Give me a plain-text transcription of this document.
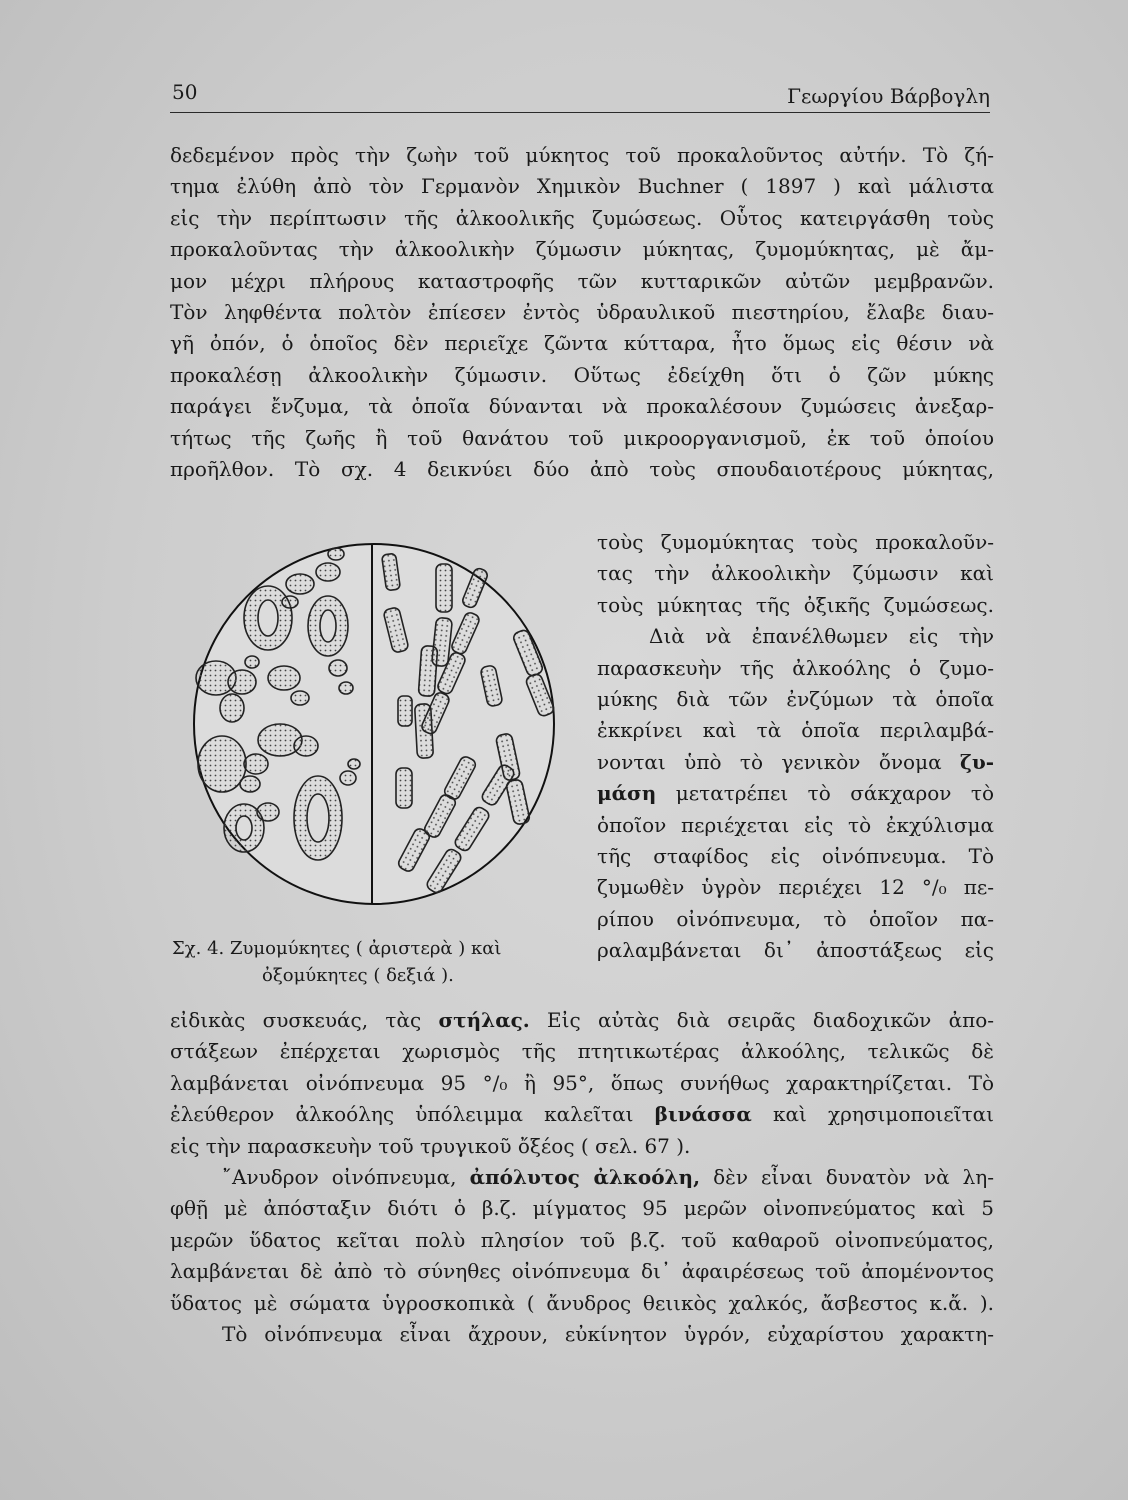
50	Γεωργίου Βάρβογλη
δεδεμένον πρὸς τὴν ζωὴν τοῦ μύκητος τοῦ προκαλοῦντος αὐτήν. Τὸ ζή-
τημα ἐλύθη ἀπὸ τὸν Γερμανὸν Χημικὸν Buchner ( 1897 ) καὶ μάλιστα
εἰς τὴν περίπτωσιν τῆς ἀλκοολικῆς ζυμώσεως. Οὗτος κατειργάσθη τοὺς
προκαλοῦντας τὴν ἀλκοολικὴν ζύμωσιν μύκητας, ζυμομύκητας, μὲ ἄμ-
μον μέχρι πλήρους καταστροφῆς τῶν κυτταρικῶν αὐτῶν μεμβρανῶν.
Τὸν ληφθέντα πολτὸν ἐπίεσεν ἐντὸς ὑδραυλικοῦ πιεστηρίου, ἔλαβε διαυ-
γῆ ὀπόν, ὁ ὁποῖος δὲν περιεῖχε ζῶντα κύτταρα, ἦτο ὅμως εἰς θέσιν νὰ
προκαλέσῃ ἀλκοολικὴν ζύμωσιν. Οὕτως ἐδείχθη ὅτι ὁ ζῶν μύκης
παράγει ἔνζυμα, τὰ ὁποῖα δύνανται νὰ προκαλέσουν ζυμώσεις ἀνεξαρ-
τήτως τῆς ζωῆς ἢ τοῦ θανάτου τοῦ μικροοργανισμοῦ, ἐκ τοῦ ὁποίου
προῆλθον. Τὸ σχ. 4 δεικνύει δύο ἀπὸ τοὺς σπουδαιοτέρους μύκητας,
τοὺς ζυμομύκητας τοὺς προκαλοῦν-
τας τὴν ἀλκοολικὴν ζύμωσιν καὶ
τοὺς μύκητας τῆς ὀξικῆς ζυμώσεως.
Διὰ νὰ ἐπανέλθωμεν εἰς τὴν
παρασκευὴν τῆς ἀλκοόλης ὁ ζυμο-
μύκης διὰ τῶν ἐνζύμων τὰ ὁποῖα
ἐκκρίνει καὶ τὰ ὁποῖα περιλαμβά-
νονται ὑπὸ τὸ γενικὸν ὄνομα ζυ-
μάση μετατρέπει τὸ σάκχαρον τὸ
ὁποῖον περιέχεται εἰς τὸ ἐκχύλισμα
τῆς σταφίδος εἰς οἰνόπνευμα. Τὸ
ζυμωθὲν ὑγρὸν περιέχει 12 °/₀ πε-
ρίπου οἰνόπνευμα, τὸ ὁποῖον πα-
ραλαμβάνεται δι᾽ ἀποστάξεως εἰς
Σχ. 4. Ζυμομύκητες ( ἀριστερὰ ) καὶ
ὀξομύκητες ( δεξιά ).
εἰδικὰς συσκευάς, τὰς στήλας. Εἰς αὐτὰς διὰ σειρᾶς διαδοχικῶν ἀπο-
στάξεων ἐπέρχεται χωρισμὸς τῆς πτητικωτέρας ἀλκοόλης, τελικῶς δὲ
λαμβάνεται οἰνόπνευμα 95 °/₀ ἢ 95°, ὅπως συνήθως χαρακτηρίζεται. Τὸ
ἐλεύθερον ἀλκοόλης ὑπόλειμμα καλεῖται βινάσσα καὶ χρησιμοποιεῖται
εἰς τὴν παρασκευὴν τοῦ τρυγικοῦ ὄξέος ( σελ. 67 ).
῎Ανυδρον οἰνόπνευμα, ἀπόλυτος ἀλκοόλη, δὲν εἶναι δυνατὸν νὰ λη-
φθῇ μὲ ἀπόσταξιν διότι ὁ β.ζ. μίγματος 95 μερῶν οἰνοπνεύματος καὶ 5
μερῶν ὕδατος κεῖται πολὺ πλησίον τοῦ β.ζ. τοῦ καθαροῦ οἰνοπνεύματος,
λαμβάνεται δὲ ἀπὸ τὸ σύνηθες οἰνόπνευμα δι᾽ ἀφαιρέσεως τοῦ ἀπομένοντος
ὕδατος μὲ σώματα ὑγροσκοπικὰ ( ἄνυδρος θειικὸς χαλκός, ἄσβεστος κ.ἄ. ).
Τὸ οἰνόπνευμα εἶναι ἄχρουν, εὐκίνητον ὑγρόν, εὐχαρίστου χαρακτη-
